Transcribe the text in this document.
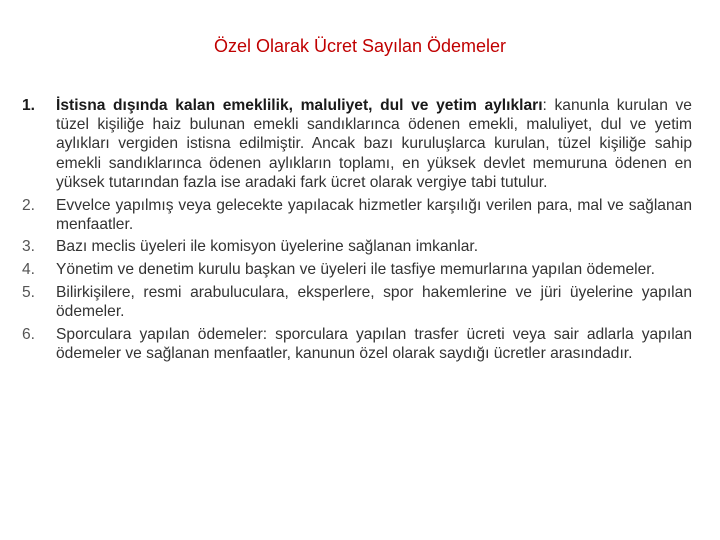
Özel Olarak Ücret Sayılan Ödemeler
1.	İstisna dışında kalan emeklilik, maluliyet, dul ve yetim aylıkları: kanunla kurulan ve tüzel kişiliğe haiz bulunan emekli sandıklarınca ödenen emekli, maluliyet, dul ve yetim aylıkları vergiden istisna edilmiştir. Ancak bazı kuruluşlarca kurulan, tüzel kişiliğe sahip emekli sandıklarınca ödenen aylıkların toplamı, en yüksek devlet memuruna ödenen en yüksek tutarından fazla ise aradaki fark ücret olarak vergiye tabi tutulur.
2.	Evvelce yapılmış veya gelecekte yapılacak hizmetler karşılığı verilen para, mal ve sağlanan menfaatler.
3.	Bazı meclis üyeleri ile komisyon üyelerine sağlanan imkanlar.
4.	Yönetim ve denetim kurulu başkan ve üyeleri ile tasfiye memurlarına yapılan ödemeler.
5.	Bilirkişilere, resmi arabuluculara, eksperlere, spor hakemlerine ve jüri üyelerine yapılan ödemeler.
6.	Sporculara yapılan ödemeler: sporculara yapılan trasfer ücreti veya sair adlarla yapılan ödemeler ve sağlanan menfaatler, kanunun özel olarak saydığı ücretler arasındadır.
